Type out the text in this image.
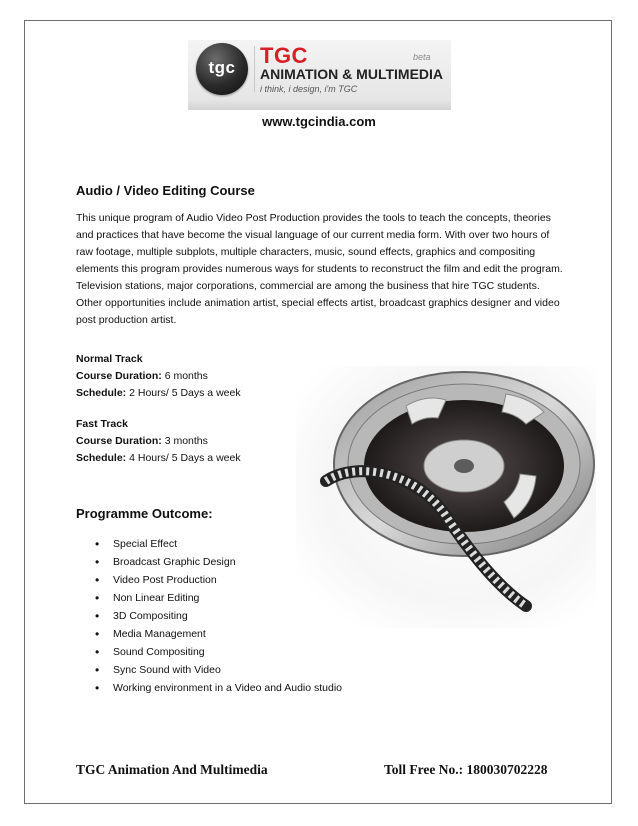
tgc	TGC	beta
ANIMATION & MULTIMEDIA
i think, i design, i'm TGC
www.tgcindia.com
Audio / Video Editing Course
This unique program of Audio Video Post Production provides the tools to teach the concepts, theories and practices that have become the visual language of our current media form. With over two hours of raw footage, multiple subplots, multiple characters, music, sound effects, graphics and compositing elements this program provides numerous ways for students to reconstruct the film and edit the program. Television stations, major corporations, commercial are among the business that hire TGC students. Other opportunities include animation artist, special effects artist, broadcast graphics designer and video post production artist.
Normal Track
Course Duration: 6 months
Schedule: 2 Hours/ 5 Days a week
Fast Track
Course Duration: 3 months
Schedule: 4 Hours/ 5 Days a week
Programme Outcome:
• Special Effect
• Broadcast Graphic Design
• Video Post Production
• Non Linear Editing
• 3D Compositing
• Media Management
• Sound Compositing
• Sync Sound with Video
• Working environment in a Video and Audio studio
TGC Animation And Multimedia	Toll Free No.: 180030702228
